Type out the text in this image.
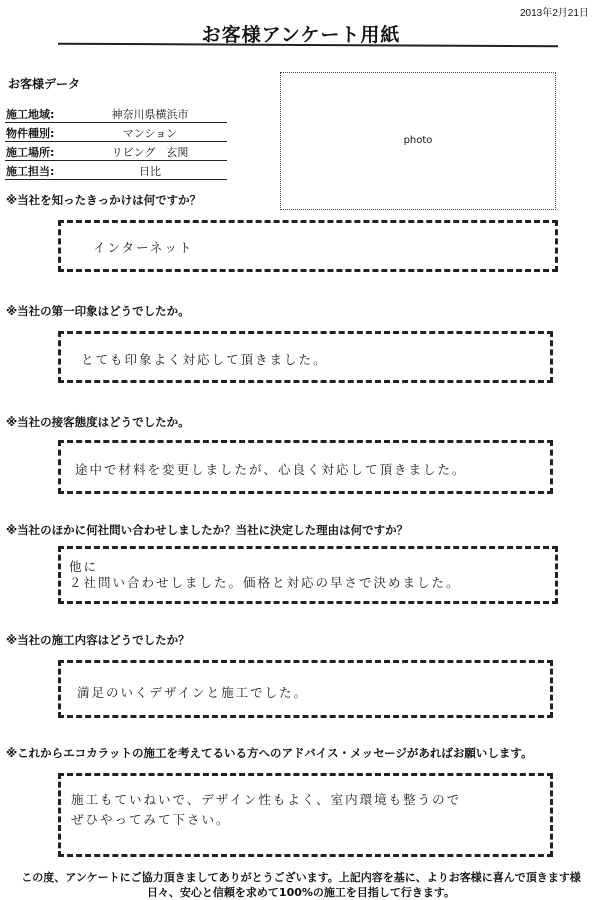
2013年2月21日
お客様アンケート用紙
お客様データ
施工地域:	神奈川県横浜市
物件種別:	マンション
施工場所:	リビング　玄関
施工担当:	日比
photo
※当社を知ったきっかけは何ですか？
インターネット
※当社の第一印象はどうでしたか。
とても印象よく対応して頂きました。
※当社の接客態度はどうでしたか。
途中で材料を変更しましたが、心良く対応して頂きました。
※当社のほかに何社問い合わせしましたか？当社に決定した理由は何ですか？
他に
２社問い合わせしました。価格と対応の早さで決めました。
※当社の施工内容はどうでしたか？
満足のいくデザインと施工でした。
※これからエコカラットの施工を考えてるいる方へのアドバイス・メッセージがあればお願いします。
施工もていねいで、デザイン性もよく、室内環境も整うので
ぜひやってみて下さい。
この度、アンケートにご協力頂きましてありがとうございます。上記内容を基に、よりお客様に喜んで頂きます様
日々、安心と信頼を求めて100%の施工を目指して行きます。
